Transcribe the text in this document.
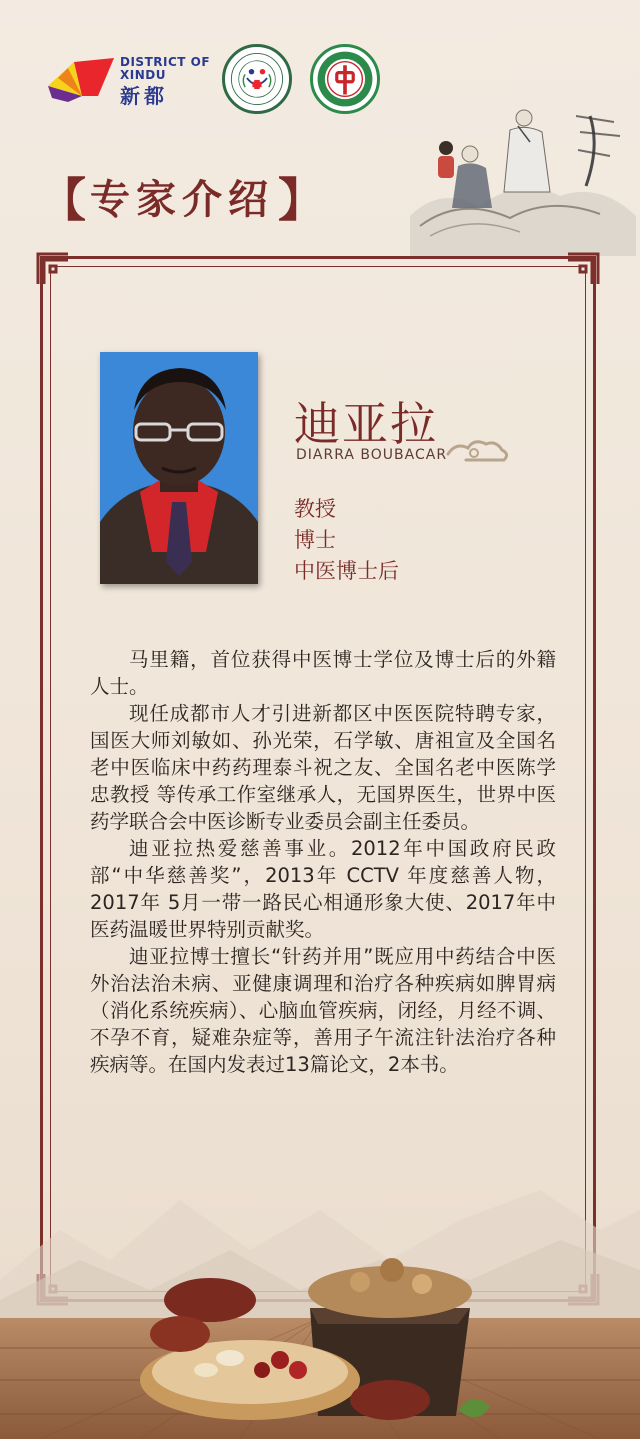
DISTRICT OF XINDU
新都
【 专家介绍 】
迪亚拉
DIARRA BOUBACAR
教授
博士
中医博士后

马里籍，首位获得中医博士学位及博士后的外籍人士。

现任成都市人才引进新都区中医医院特聘专家，国医大师刘敏如、孙光荣，石学敏、唐祖宣及全国名老中医临床中药药理泰斗祝之友、全国名老中医陈学忠教授 等传承工作室继承人，无国界医生，世界中医药学联合会中医诊断专业委员会副主任委员。

迪亚拉热爱慈善事业。2012年中国政府民政部“中华慈善奖”，2013年 CCTV 年度慈善人物，2017年 5月一带一路民心相通形象大使、2017年中医药温暖世界特别贡献奖。

迪亚拉博士擅长“针药并用”既应用中药结合中医外治法治未病、亚健康调理和治疗各种疾病如脾胃病（消化系统疾病）、心脑血管疾病，闭经，月经不调、不孕不育，疑难杂症等，善用子午流注针法治疗各种疾病等。在国内发表过13篇论文，2本书。
